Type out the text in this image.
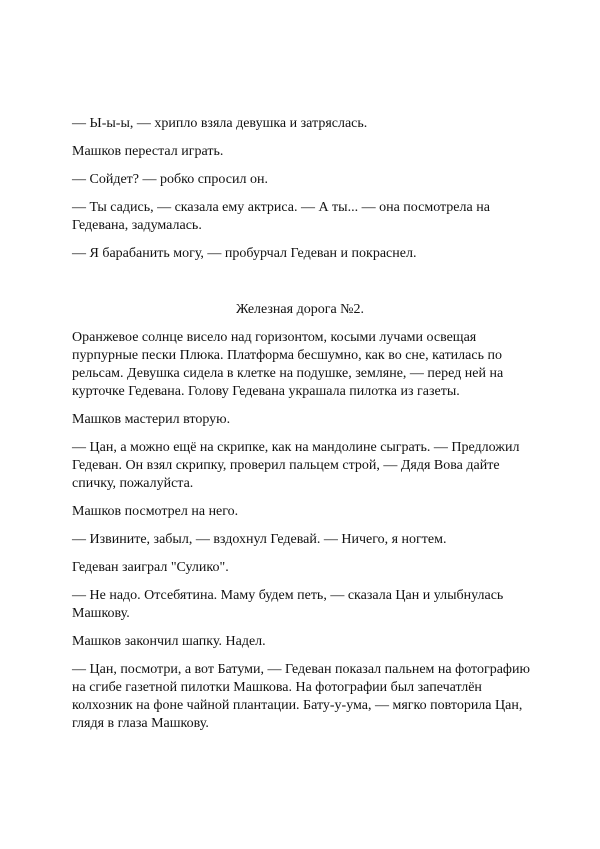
— Ы-ы-ы, — хрипло взяла девушка и затряслась.
Машков перестал играть.
— Сойдет? — робко спросил он.
— Ты садись, — сказала ему актриса. — А ты... — она посмотрела на
Гедевана, задумалась.
— Я барабанить могу, — пробурчал Гедеван и покраснел.
Железная дорога №2.
Оранжевое солнце висело над горизонтом, косыми лучами освещая
пурпурные пески Плюка. Платформа бесшумно, как во сне, катилась по
рельсам. Девушка сидела в клетке на подушке, земляне, — перед ней на
курточке Гедевана. Голову Гедевана украшала пилотка из газеты.
Машков мастерил вторую.
— Цан, а можно ещё на скрипке, как на мандолине сыграть. — Предложил
Гедеван. Он взял скрипку, проверил пальцем строй, — Дядя Вова дайте
спичку, пожалуйста.
Машков посмотрел на него.
— Извините, забыл, — вздохнул Гедевай. — Ничего, я ногтем.
Гедеван заиграл "Сулико".
— Не надо. Отсебятина. Маму будем петь, — сказала Цан и улыбнулась
Машкову.
Машков закончил шапку. Надел.
— Цан, посмотри, а вот Батуми, — Гедеван показал пальнем на фотографию
на сгибе газетной пилотки Машкова. На фотографии был запечатлён
колхозник на фоне чайной плантации. Бату-у-ума, — мягко повторила Цан,
глядя в глаза Машкову.
